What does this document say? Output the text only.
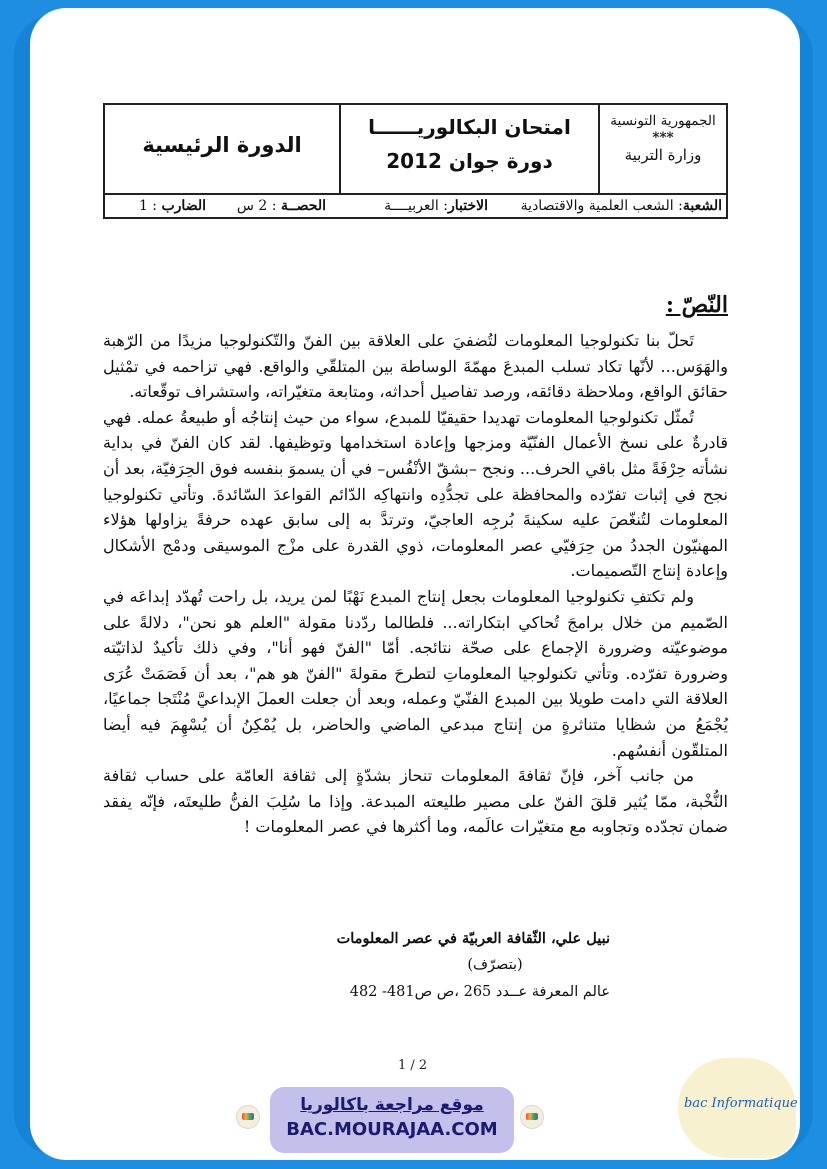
الجمهورية التونسية
***
وزارة التربية
امتحان البكالوريــــــا
دورة جوان 2012
الدورة الرئيسية
الشعبة: الشعب العلمية والاقتصادية
الاختبار: العربيــــة
الحصــة : 2 س
الضارب : 1
النّصّ :

تَحلّ بنا تكنولوجيا المعلومات لتُضفيَ على العلاقة بين الفنّ والتّكنولوجيا مزيدًا من الرّهبة والهَوَس... لأنّها تكاد تسلب المبدعَ مهمّةَ الوساطة بين المتلقّي والواقع. فهي تزاحمه في تمْثيل حقائق الواقع، وملاحظة دقائقه، ورصد تفاصيل أحداثه، ومتابعة متغيّراته، واستشراف توقّعاته.

تُمثّل تكنولوجيا المعلومات تهديدا حقيقيّا للمبدع، سواء من حيث إنتاجُه أو طبيعةُ عمله. فهي قادرةٌ على نسخ الأعمال الفنّيّة ومزجها وإعادة استخدامها وتوظيفها. لقد كان الفنّ في بداية نشأته حِرْفَةً مثل باقي الحرف... ونجح –بشقّ الأنْفُس– في أن يسموَ بنفسه فوق الحِرَفيّة، بعد أن نجح في إثبات تفرّده والمحافظة على تجدُّدِه وانتهاكِه الدّائم القواعدَ السّائدةَ. وتأتي تكنولوجيا المعلومات لتُنغّصَ عليه سكينةَ بُرجِه العاجيّ، وترتدَّ به إلى سابق عهده حرفةً يزاولها هؤلاء المهنيّون الجددُ من حِرَفيّي عصر المعلومات، ذوي القدرة على مزْج الموسيقى ودمْج الأشكال وإعادة إنتاج التّصميمات.

ولم تكتفِ تكنولوجيا المعلومات بجعل إنتاج المبدع نَهْبًا لمن يريد، بل راحت تُهدّد إبداعَه في الصّميم من خلال برامجَ تُحاكي ابتكاراته... فلطالما ردّدنا مقولة "العلم هو نحن"، دلالةً على موضوعيّته وضرورة الإجماع على صحّة نتائجه. أمّا "الفنّ فهو أنا"، وفي ذلك تأكيدٌ لذاتيّته وضرورة تفرّده. وتأتي تكنولوجيا المعلوماتِ لتطرحَ مقولةَ "الفنّ هو هم"، بعد أن فَصَمَتْ عُرَى العلاقة التي دامت طويلا بين المبدع الفنّيّ وعمله، وبعد أن جعلت العملَ الإبداعيَّ مُنْتَجا جماعيًا، يُجْمَعُ من شظايا متناثرةٍ من إنتاج مبدعي الماضي والحاضر، بل يُمْكِنُ أن يُسْهِمَ فيه أيضا المتلقّون أنفسُهم.

من جانب آخر، فإنّ ثقافةَ المعلومات تنحاز بشدّةٍ إلى ثقافة العامّة على حساب ثقافة النُّخْبة، ممّا يُثير قلقَ الفنّ على مصير طليعته المبدعة. وإذا ما سُلِبَ الفنُّ طليعتَه، فإنّه يفقد ضمان تجدّده وتجاوبه مع متغيّرات عالَمه، وما أكثرها في عصر المعلومات !

نبيل علي، الثّقافة العربيّة في عصر المعلومات
(بتصرّف)
عالم المعرفة عــدد 265 ،ص ص481- 482
1 / 2
موقع مراجعة باكالوريا
BAC.MOURAJAA.COM
bac Informatique
